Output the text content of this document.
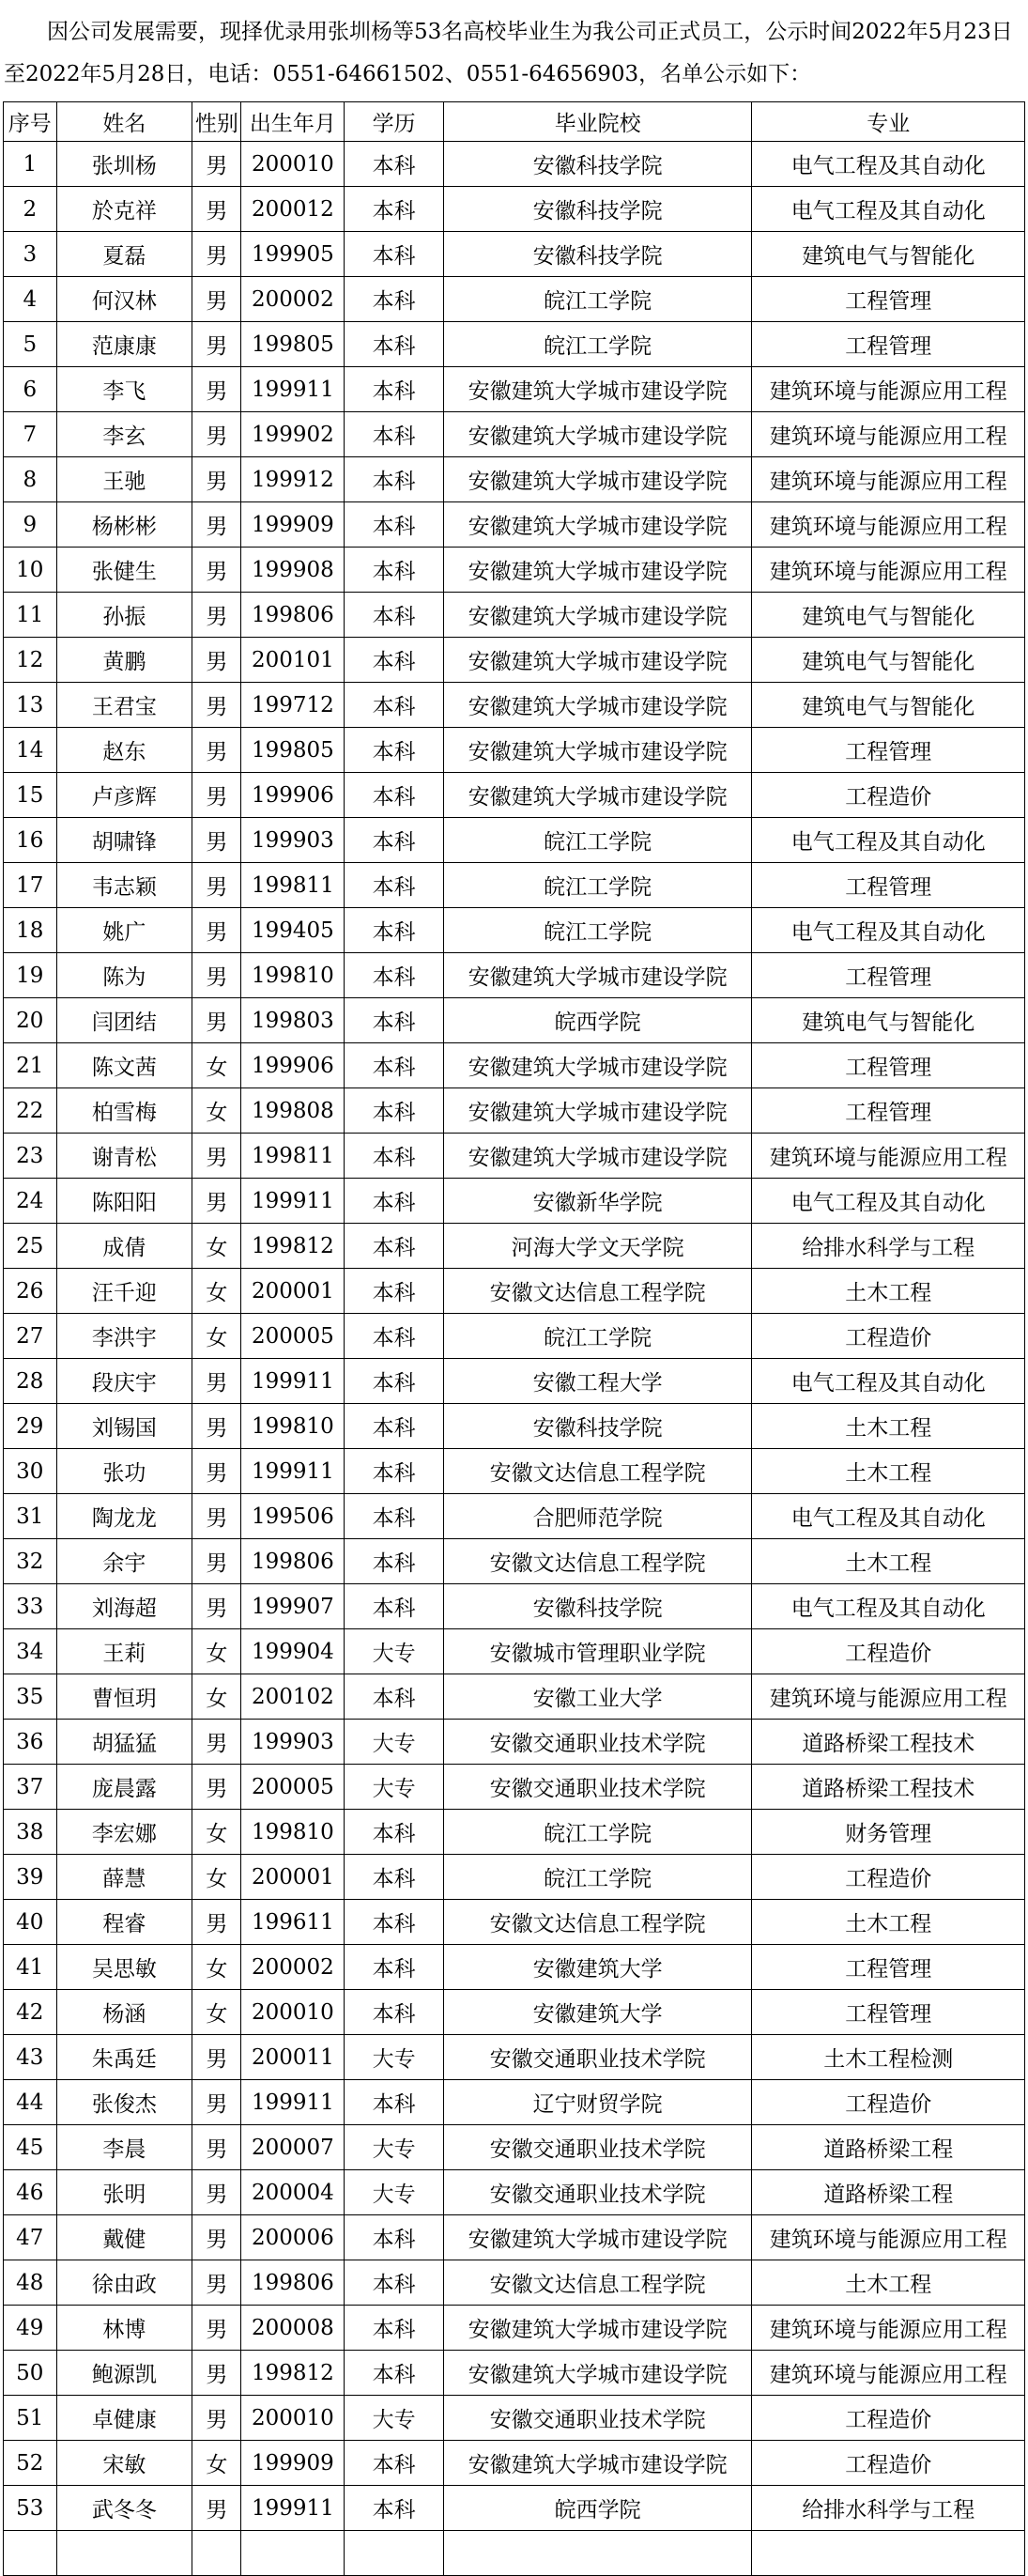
因公司发展需要，现择优录用张圳杨等53名高校毕业生为我公司正式员工，公示时间2022年5月23日至2022年5月28日，电话：0551-64661502、0551-64656903，名单公示如下：

序号	姓名	性别	出生年月	学历	毕业院校	专业
1	张圳杨	男	200010	本科	安徽科技学院	电气工程及其自动化
2	於克祥	男	200012	本科	安徽科技学院	电气工程及其自动化
3	夏磊	男	199905	本科	安徽科技学院	建筑电气与智能化
4	何汉林	男	200002	本科	皖江工学院	工程管理
5	范康康	男	199805	本科	皖江工学院	工程管理
6	李飞	男	199911	本科	安徽建筑大学城市建设学院	建筑环境与能源应用工程
7	李玄	男	199902	本科	安徽建筑大学城市建设学院	建筑环境与能源应用工程
8	王驰	男	199912	本科	安徽建筑大学城市建设学院	建筑环境与能源应用工程
9	杨彬彬	男	199909	本科	安徽建筑大学城市建设学院	建筑环境与能源应用工程
10	张健生	男	199908	本科	安徽建筑大学城市建设学院	建筑环境与能源应用工程
11	孙振	男	199806	本科	安徽建筑大学城市建设学院	建筑电气与智能化
12	黄鹏	男	200101	本科	安徽建筑大学城市建设学院	建筑电气与智能化
13	王君宝	男	199712	本科	安徽建筑大学城市建设学院	建筑电气与智能化
14	赵东	男	199805	本科	安徽建筑大学城市建设学院	工程管理
15	卢彦辉	男	199906	本科	安徽建筑大学城市建设学院	工程造价
16	胡啸锋	男	199903	本科	皖江工学院	电气工程及其自动化
17	韦志颖	男	199811	本科	皖江工学院	工程管理
18	姚广	男	199405	本科	皖江工学院	电气工程及其自动化
19	陈为	男	199810	本科	安徽建筑大学城市建设学院	工程管理
20	闫团结	男	199803	本科	皖西学院	建筑电气与智能化
21	陈文茜	女	199906	本科	安徽建筑大学城市建设学院	工程管理
22	柏雪梅	女	199808	本科	安徽建筑大学城市建设学院	工程管理
23	谢青松	男	199811	本科	安徽建筑大学城市建设学院	建筑环境与能源应用工程
24	陈阳阳	男	199911	本科	安徽新华学院	电气工程及其自动化
25	成倩	女	199812	本科	河海大学文天学院	给排水科学与工程
26	汪千迎	女	200001	本科	安徽文达信息工程学院	土木工程
27	李洪宇	女	200005	本科	皖江工学院	工程造价
28	段庆宇	男	199911	本科	安徽工程大学	电气工程及其自动化
29	刘锡国	男	199810	本科	安徽科技学院	土木工程
30	张功	男	199911	本科	安徽文达信息工程学院	土木工程
31	陶龙龙	男	199506	本科	合肥师范学院	电气工程及其自动化
32	余宇	男	199806	本科	安徽文达信息工程学院	土木工程
33	刘海超	男	199907	本科	安徽科技学院	电气工程及其自动化
34	王莉	女	199904	大专	安徽城市管理职业学院	工程造价
35	曹恒玥	女	200102	本科	安徽工业大学	建筑环境与能源应用工程
36	胡猛猛	男	199903	大专	安徽交通职业技术学院	道路桥梁工程技术
37	庞晨露	男	200005	大专	安徽交通职业技术学院	道路桥梁工程技术
38	李宏娜	女	199810	本科	皖江工学院	财务管理
39	薛慧	女	200001	本科	皖江工学院	工程造价
40	程睿	男	199611	本科	安徽文达信息工程学院	土木工程
41	吴思敏	女	200002	本科	安徽建筑大学	工程管理
42	杨涵	女	200010	本科	安徽建筑大学	工程管理
43	朱禹廷	男	200011	大专	安徽交通职业技术学院	土木工程检测
44	张俊杰	男	199911	本科	辽宁财贸学院	工程造价
45	李晨	男	200007	大专	安徽交通职业技术学院	道路桥梁工程
46	张明	男	200004	大专	安徽交通职业技术学院	道路桥梁工程
47	戴健	男	200006	本科	安徽建筑大学城市建设学院	建筑环境与能源应用工程
48	徐由政	男	199806	本科	安徽文达信息工程学院	土木工程
49	林博	男	200008	本科	安徽建筑大学城市建设学院	建筑环境与能源应用工程
50	鲍源凯	男	199812	本科	安徽建筑大学城市建设学院	建筑环境与能源应用工程
51	卓健康	男	200010	大专	安徽交通职业技术学院	工程造价
52	宋敏	女	199909	本科	安徽建筑大学城市建设学院	工程造价
53	武冬冬	男	199911	本科	皖西学院	给排水科学与工程
